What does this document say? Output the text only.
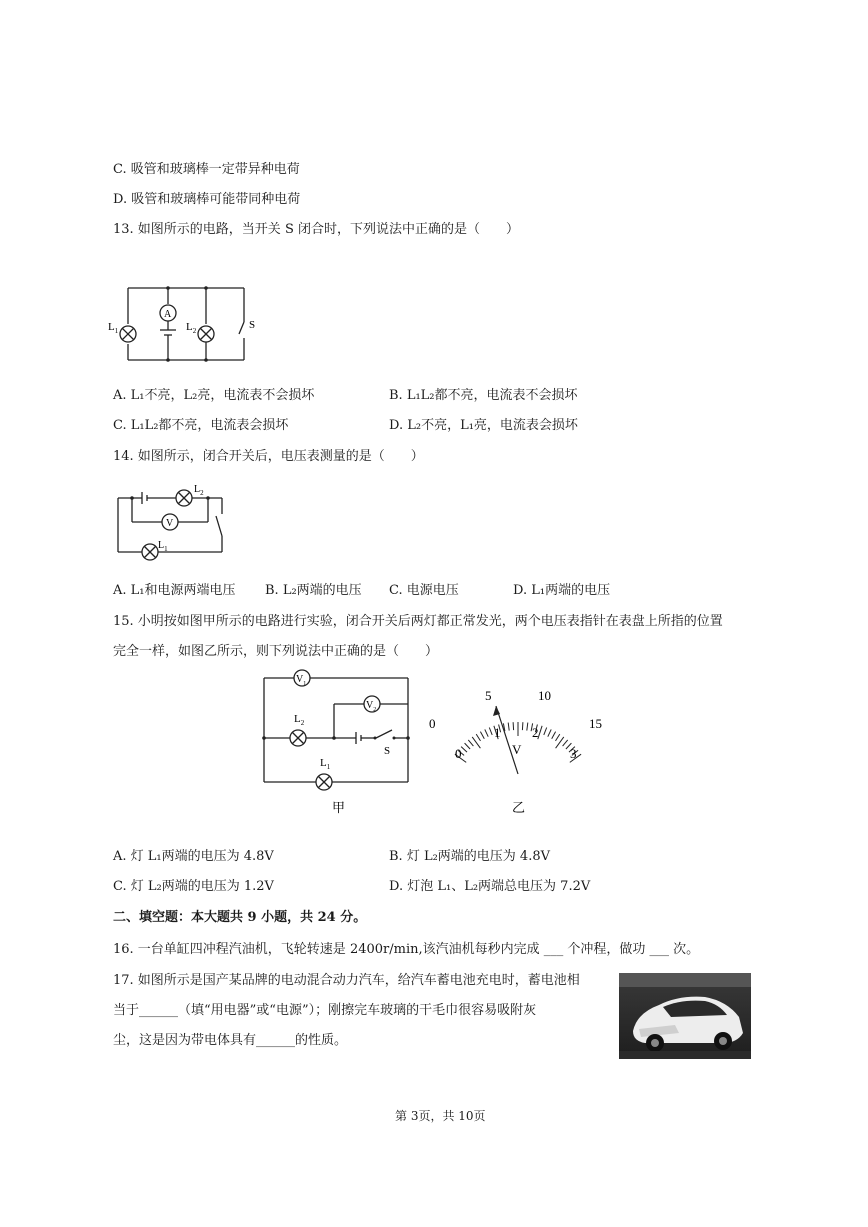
C. 吸管和玻璃棒一定带异种电荷
D. 吸管和玻璃棒可能带同种电荷
13. 如图所示的电路，当开关 S 闭合时，下列说法中正确的是（　　）
$L_1$
A
$L_2$	S
A. L₁不亮，L₂亮，电流表不会损坏	B. L₁L₂都不亮，电流表不会损坏
C. L₁L₂都不亮，电流表会损坏	D. L₂不亮，L₁亮，电流表会损坏
14. 如图所示，闭合开关后，电压表测量的是（　　）
$L_2$
V
$L_1$
A. L₁和电源两端电压 B. L₂两端的电压 C. 电源电压	D. L₁两端的电压
15. 小明按如图甲所示的电路进行实验，闭合开关后两灯都正常发光，两个电压表指针在表盘上所指的位置
完全一样，如图乙所示，则下列说法中正确的是（　　）
$V_1$
$V_2$
$L_2$
S
$L_1$
甲
0
5	10
15
0
1 2
3
V
乙
A. 灯 L₁两端的电压为 4.8V	B. 灯 L₂两端的电压为 4.8V
C. 灯 L₂两端的电压为 1.2V	D. 灯泡 L₁、L₂两端总电压为 7.2V
二、填空题：本大题共 9 小题，共 24 分。
16. 一台单缸四冲程汽油机，飞轮转速是 2400r/min,该汽油机每秒内完成 ___ 个冲程，做功 ___ 次。
17. 如图所示是国产某品牌的电动混合动力汽车，给汽车蓄电池充电时，蓄电池相
当于______（填“用电器”或“电源”）；刚擦完车玻璃的干毛巾很容易吸附灰
尘，这是因为带电体具有______的性质。
第 3页，共 10页
